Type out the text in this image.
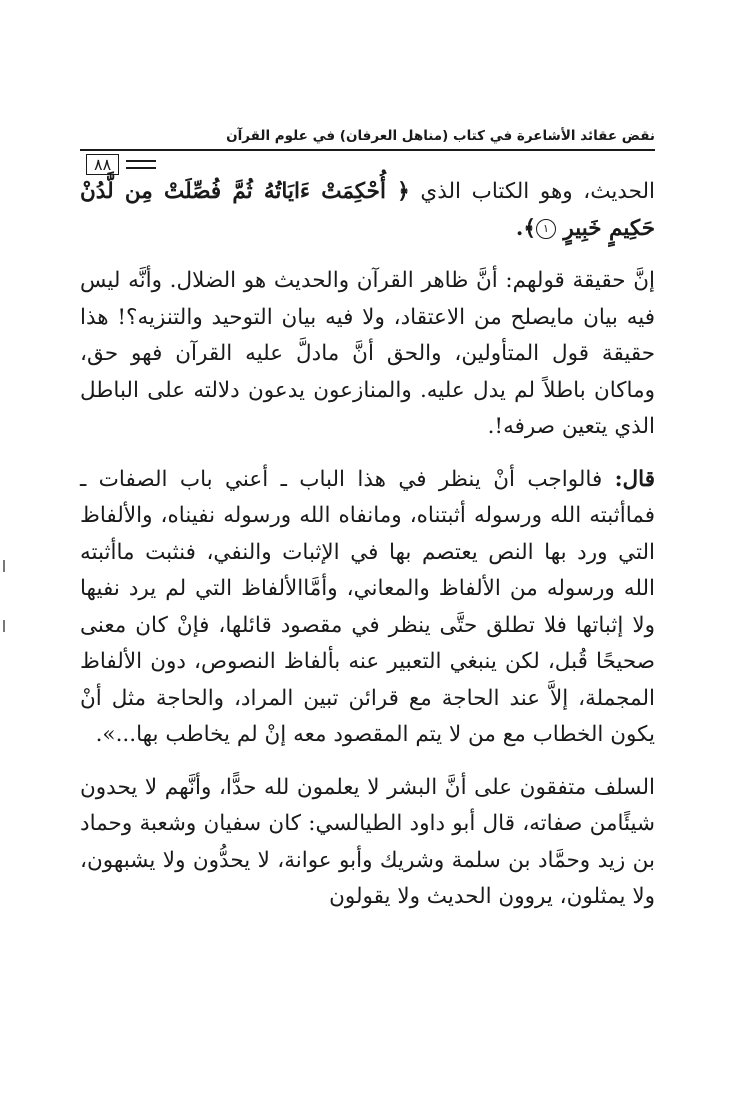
نقض عقائد الأشاعرة في كتاب (مناهل العرفان) في علوم القرآن
٨٨

الحديث، وهو الكتاب الذي ﴿ أُحْكِمَتْ ءَايَاتُهُ ثُمَّ فُصِّلَتْ مِن لَّدُنْ حَكِيمٍ خَبِيرٍ ١﴾.

إنَّ حقيقة قولهم: أنَّ ظاهر القرآن والحديث هو الضلال. وأنَّه ليس فيه بيان مايصلح من الاعتقاد، ولا فيه بيان التوحيد والتنزيه؟! هذا حقيقة قول المتأولين، والحق أنَّ مادلَّ عليه القرآن فهو حق، وماكان باطلاً لم يدل عليه. والمنازعون يدعون دلالته على الباطل الذي يتعين صرفه!.

قال: فالواجب أنْ ينظر في هذا الباب ـ أعني باب الصفات ـ فماأثبته الله ورسوله أثبتناه، ومانفاه الله ورسوله نفيناه، والألفاظ التي ورد بها النص يعتصم بها في الإثبات والنفي، فنثبت ماأثبته الله ورسوله من الألفاظ والمعاني، وأمَّاالألفاظ التي لم يرد نفيها ولا إثباتها فلا تطلق حتَّى ينظر في مقصود قائلها، فإنْ كان معنى صحيحًا قُبل، لكن ينبغي التعبير عنه بألفاظ النصوص، دون الألفاظ المجملة، إلاَّ عند الحاجة مع قرائن تبين المراد، والحاجة مثل أنْ يكون الخطاب مع من لا يتم المقصود معه إنْ لم يخاطب بها...».

السلف متفقون على أنَّ البشر لا يعلمون لله حدًّا، وأنَّهم لا يحدون شيئًامن صفاته، قال أبو داود الطيالسي: كان سفيان وشعبة وحماد بن زيد وحمَّاد بن سلمة وشريك وأبو عوانة، لا يحدُّون ولا يشبهون، ولا يمثلون، يروون الحديث ولا يقولون
